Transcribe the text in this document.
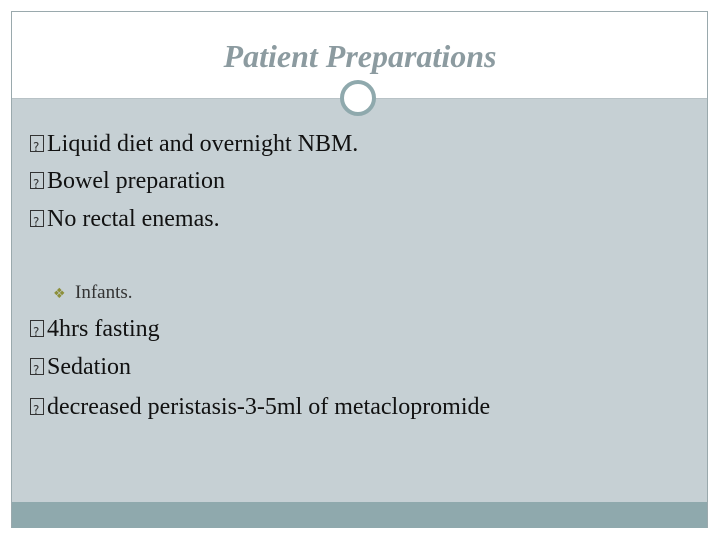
Patient Preparations
?Liquid diet and overnight NBM.
?Bowel preparation
?No rectal enemas.
❖ Infants.
?4hrs fasting
?Sedation
?decreased peristasis-3-5ml of metaclopromide
